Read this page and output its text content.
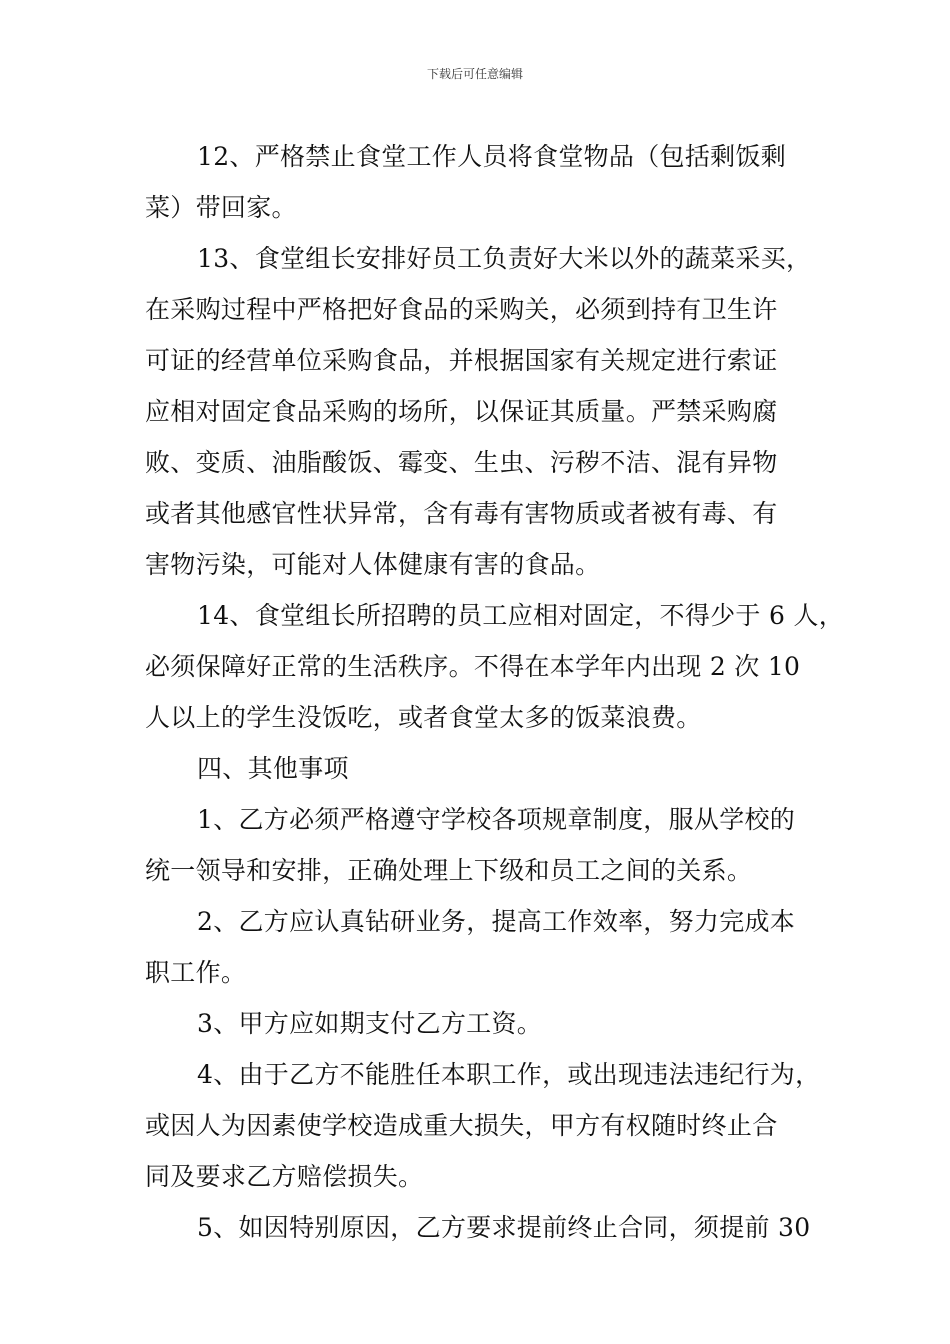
下载后可任意编辑
12、严格禁止食堂工作人员将食堂物品（包括剩饭剩
菜）带回家。
13、食堂组长安排好员工负责好大米以外的蔬菜采买，
在采购过程中严格把好食品的采购关，必须到持有卫生许
可证的经营单位采购食品，并根据国家有关规定进行索证
应相对固定食品采购的场所，以保证其质量。严禁采购腐
败、变质、油脂酸饭、霉变、生虫、污秽不洁、混有异物
或者其他感官性状异常，含有毒有害物质或者被有毒、有
害物污染，可能对人体健康有害的食品。
14、食堂组长所招聘的员工应相对固定，不得少于 6 人，
必须保障好正常的生活秩序。不得在本学年内出现 2 次 10
人以上的学生没饭吃，或者食堂太多的饭菜浪费。
四、其他事项
1、乙方必须严格遵守学校各项规章制度，服从学校的
统一领导和安排，正确处理上下级和员工之间的关系。
2、乙方应认真钻研业务，提高工作效率，努力完成本
职工作。
3、甲方应如期支付乙方工资。
4、由于乙方不能胜任本职工作，或出现违法违纪行为，
或因人为因素使学校造成重大损失，甲方有权随时终止合
同及要求乙方赔偿损失。
5、如因特别原因，乙方要求提前终止合同，须提前 30
